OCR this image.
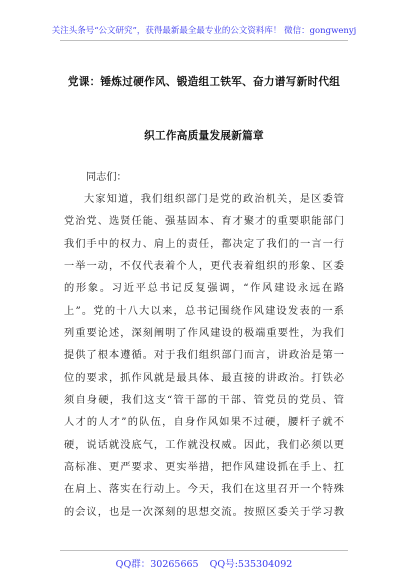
关注头条号“公文研究”，获得最新最全最专业的公文资料库！ 微信：gongwenyj
党课：锤炼过硬作风、锻造组工铁军、奋力谱写新时代组
织工作高质量发展新篇章
同志们：
大家知道，我们组织部门是党的政治机关，是区委管
党治党、选贤任能、强基固本、育才聚才的重要职能部门
我们手中的权力、肩上的责任，都决定了我们的一言一行
一举一动，不仅代表着个人，更代表着组织的形象、区委
的形象。习近平总书记反复强调，“作风建设永远在路
上”。党的十八大以来，总书记围绕作风建设发表的一系
列重要论述，深刻阐明了作风建设的极端重要性，为我们
提供了根本遵循。对于我们组织部门而言，讲政治是第一
位的要求，抓作风就是最具体、最直接的讲政治。打铁必
须自身硬，我们这支“管干部的干部、管党员的党员、管
人才的人才”的队伍，自身作风如果不过硬，腰杆子就不
硬，说话就没底气，工作就没权威。因此，我们必须以更
高标准、更严要求、更实举措，把作风建设抓在手上、扛
在肩上、落实在行动上。今天，我们在这里召开一个特殊
的会议，也是一次深刻的思想交流。按照区委关于学习教
QQ群：30265665 QQ号:535304092
